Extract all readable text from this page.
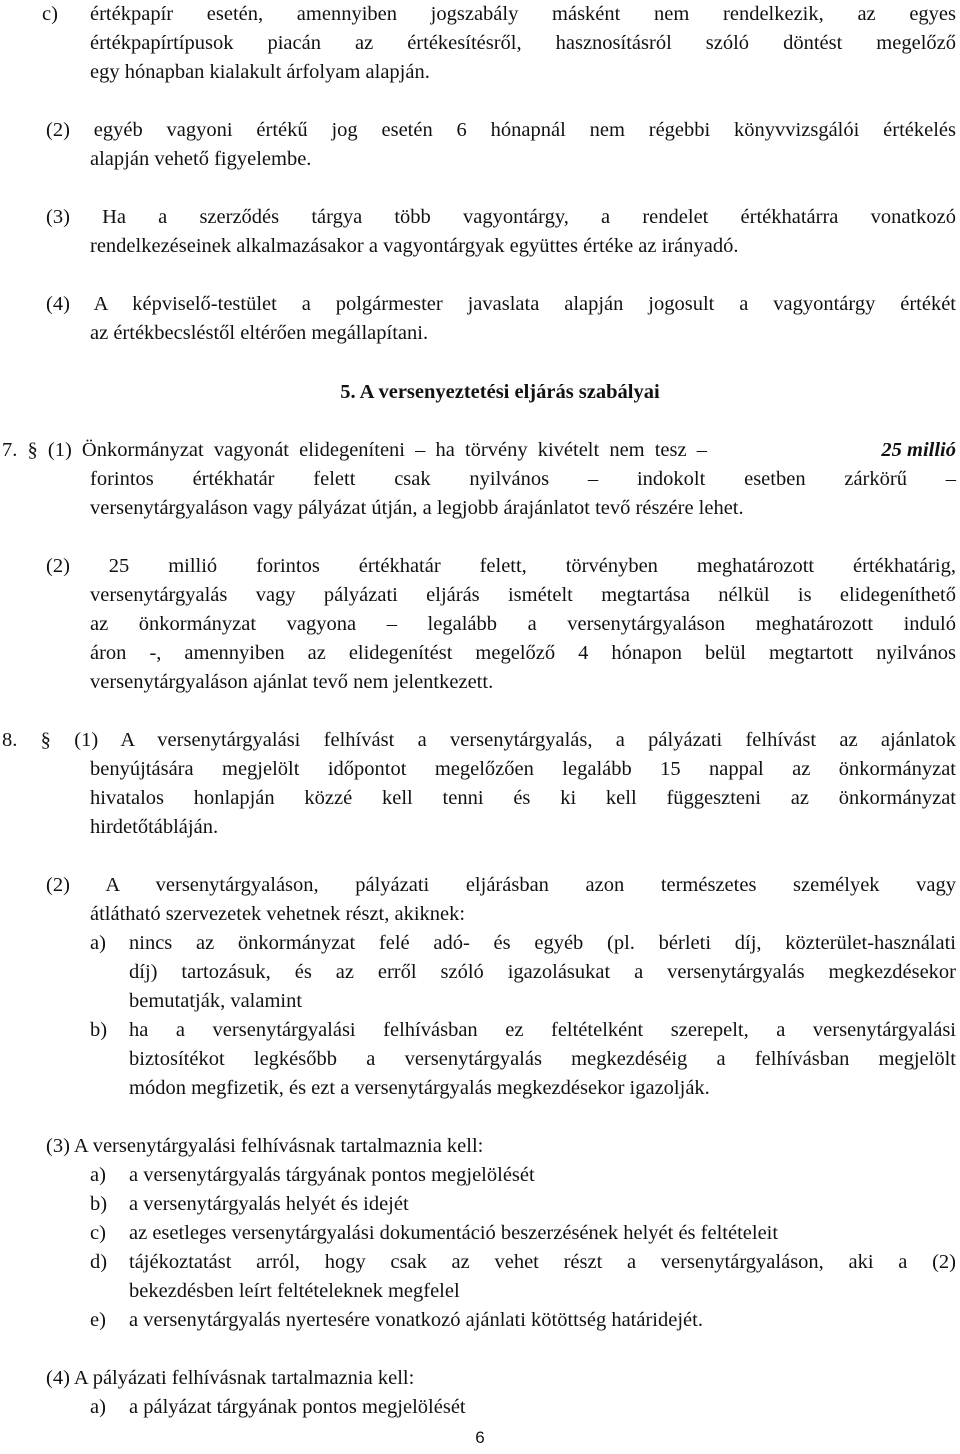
c) értékpapír esetén, amennyiben jogszabály másként nem rendelkezik, az egyes
értékpapírtípusok piacán az értékesítésről, hasznosításról szóló döntést megelőző
egy hónapban kialakult árfolyam alapján.
(2) egyéb vagyoni értékű jog esetén 6 hónapnál nem régebbi könyvvizsgálói értékelés
alapján vehető figyelembe.
(3) Ha a szerződés tárgya több vagyontárgy, a rendelet értékhatárra vonatkozó
rendelkezéseinek alkalmazásakor a vagyontárgyak együttes értéke az irányadó.
(4) A képviselő-testület a polgármester javaslata alapján jogosult a vagyontárgy értékét
az értékbecsléstől eltérően megállapítani.
5. A versenyeztetési eljárás szabályai
7. § (1) Önkormányzat vagyonát elidegeníteni – ha törvény kivételt nem tesz –	25 millió
forintos értékhatár felett csak nyilvános – indokolt esetben zárkörű –
versenytárgyaláson vagy pályázat útján, a legjobb árajánlatot tevő részére lehet.
(2) 25 millió forintos értékhatár felett, törvényben meghatározott értékhatárig,
versenytárgyalás vagy pályázati eljárás ismételt megtartása nélkül is elidegeníthető
az önkormányzat vagyona – legalább a versenytárgyaláson meghatározott induló
áron -, amennyiben az elidegenítést megelőző 4 hónapon belül megtartott nyilvános
versenytárgyaláson ajánlat tevő nem jelentkezett.
8. § (1) A versenytárgyalási felhívást a versenytárgyalás, a pályázati felhívást az ajánlatok
benyújtására megjelölt időpontot megelőzően legalább 15 nappal az önkormányzat
hivatalos honlapján közzé kell tenni és ki kell függeszteni az önkormányzat
hirdetőtábláján.
(2) A versenytárgyaláson, pályázati eljárásban azon természetes személyek vagy
átlátható szervezetek vehetnek részt, akiknek:
a) nincs az önkormányzat felé adó- és egyéb (pl. bérleti díj, közterület-használati
díj) tartozásuk, és az erről szóló igazolásukat a versenytárgyalás megkezdésekor
bemutatják, valamint
b) ha a versenytárgyalási felhívásban ez feltételként szerepelt, a versenytárgyalási
biztosítékot legkésőbb a versenytárgyalás megkezdéséig a felhívásban megjelölt
módon megfizetik, és ezt a versenytárgyalás megkezdésekor igazolják.
(3) A versenytárgyalási felhívásnak tartalmaznia kell:
a) a versenytárgyalás tárgyának pontos megjelölését
b) a versenytárgyalás helyét és idejét
c) az esetleges versenytárgyalási dokumentáció beszerzésének helyét és feltételeit
d) tájékoztatást arról, hogy csak az vehet részt a versenytárgyaláson, aki a (2)
bekezdésben leírt feltételeknek megfelel
e) a versenytárgyalás nyertesére vonatkozó ajánlati kötöttség határidejét.
(4) A pályázati felhívásnak tartalmaznia kell:
a) a pályázat tárgyának pontos megjelölését
6
